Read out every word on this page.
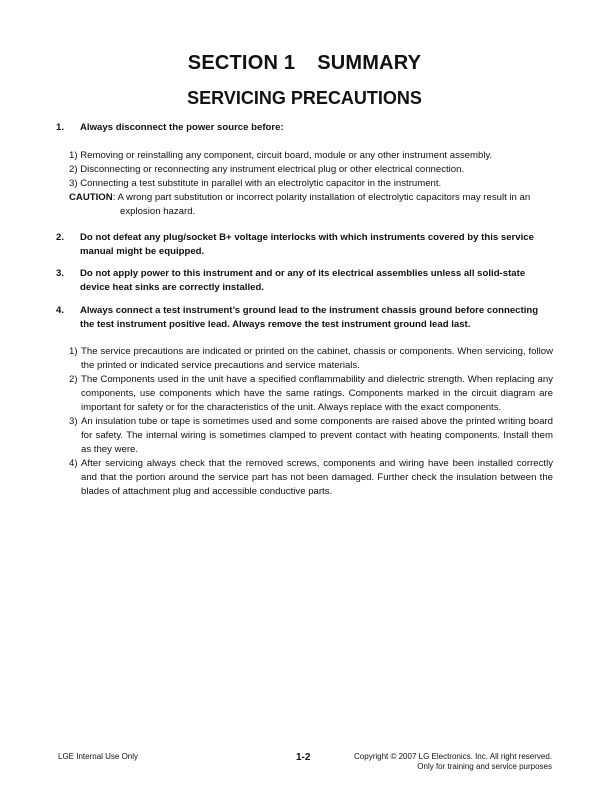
SECTION 1 SUMMARY
SERVICING PRECAUTIONS
1. Always disconnect the power source before:
1) Removing or reinstalling any component, circuit board, module or any other instrument assembly.
2) Disconnecting or reconnecting any instrument electrical plug or other electrical connection.
3) Connecting a test substitute in parallel with an electrolytic capacitor in the instrument.
CAUTION: A wrong part substitution or incorrect polarity installation of electrolytic capacitors may result in an
explosion hazard.
2. Do not defeat any plug/socket B+ voltage interlocks with which instruments covered by this service
manual might be equipped.
3. Do not apply power to this instrument and or any of its electrical assemblies unless all solid-state
device heat sinks are correctly installed.
4. Always connect a test instrument’s ground lead to the instrument chassis ground before connecting
the test instrument positive lead. Always remove the test instrument ground lead last.
1) The service precautions are indicated or printed on the cabinet, chassis or components. When servicing, follow the printed or indicated service precautions and service materials.
2) The Components used in the unit have a specified conflammability and dielectric strength. When replacing any components, use components which have the same ratings. Components marked in the circuit diagram are important for safety or for the characteristics of the unit. Always replace with the exact components.
3) An insulation tube or tape is sometimes used and some components are raised above the printed writing board for safety. The internal wiring is sometimes clamped to prevent contact with heating components. Install them as they were.
4) After servicing always check that the removed screws, components and wiring have been installed correctly and that the portion around the service part has not been damaged. Further check the insulation between the blades of attachment plug and accessible conductive parts.
LGE Internal Use Only	1-2	Copyright © 2007 LG Electronics. Inc. All right reserved.
Only for training and service purposes
